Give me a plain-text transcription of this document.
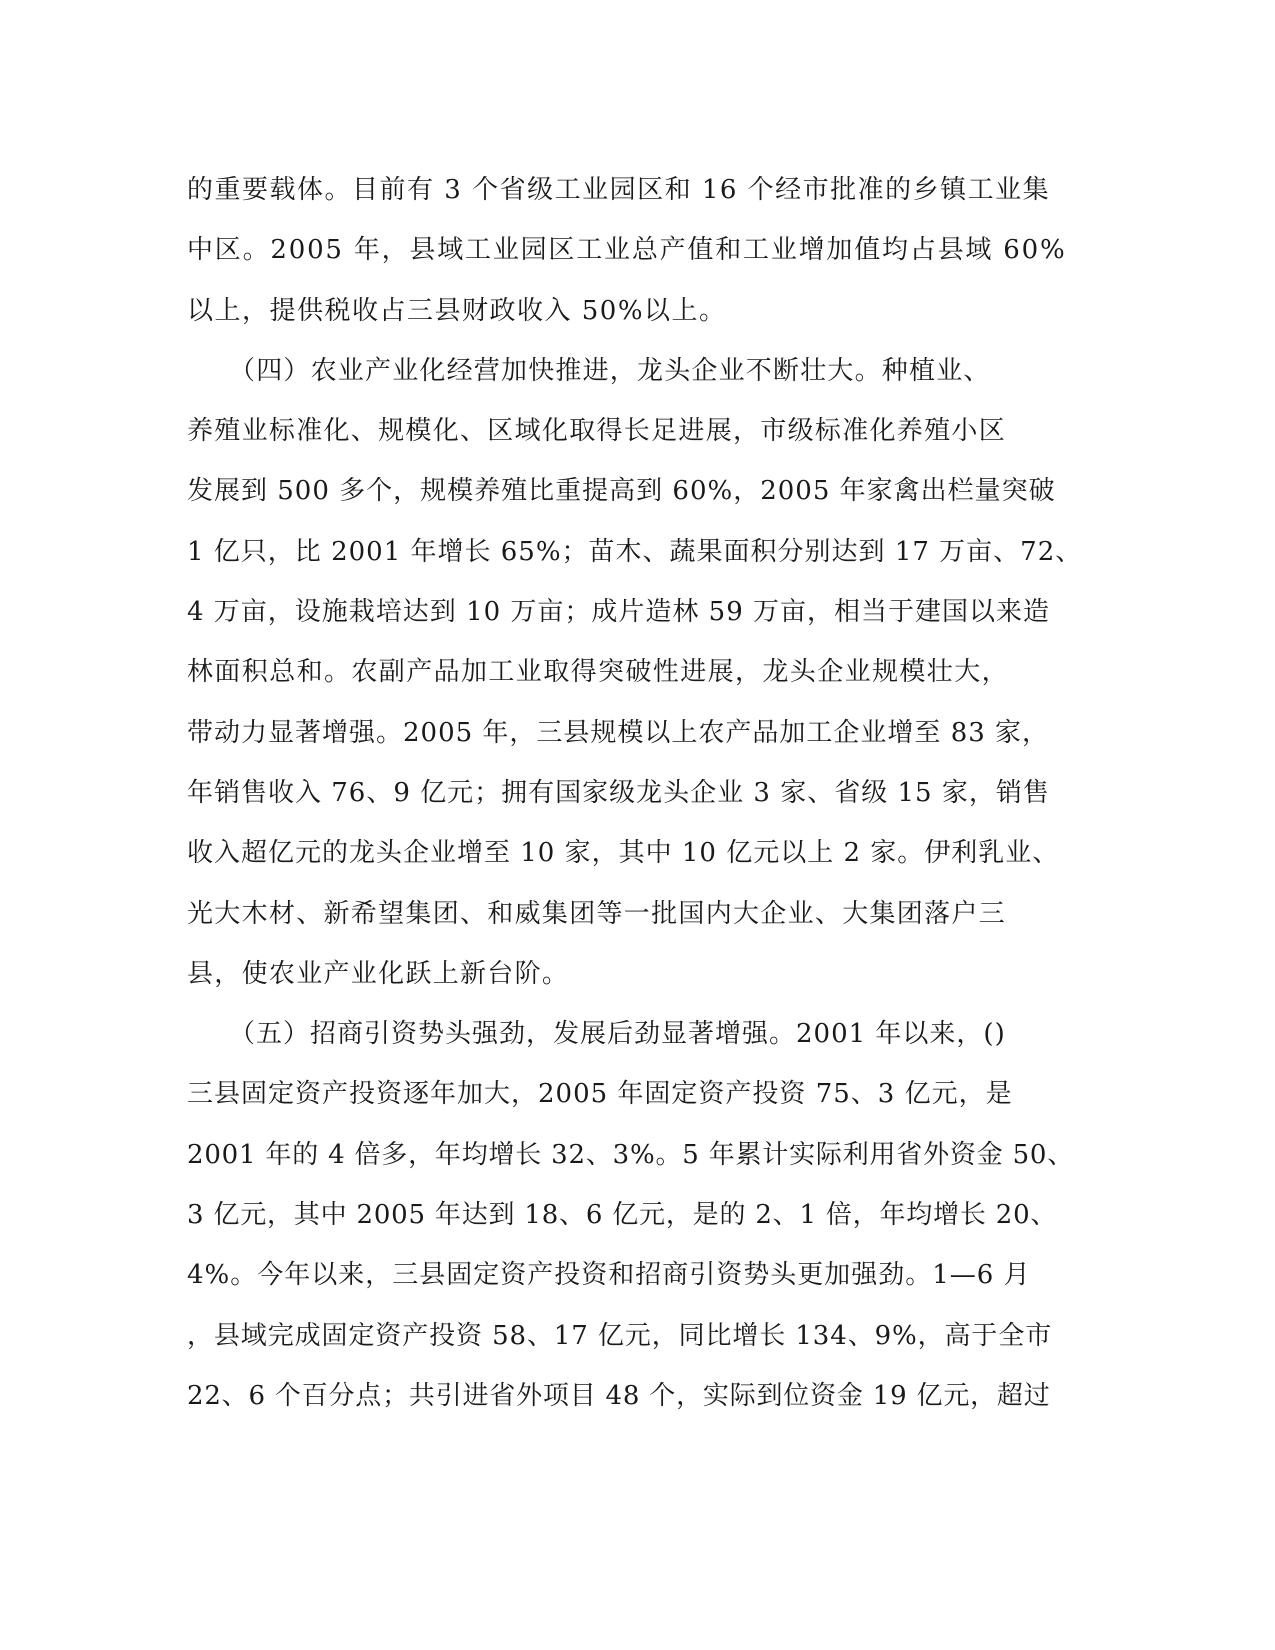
的重要载体。目前有 3 个省级工业园区和 16 个经市批准的乡镇工业集
中区。2005 年，县域工业园区工业总产值和工业增加值均占县域 60%
以上，提供税收占三县财政收入 50%以上。
（四）农业产业化经营加快推进，龙头企业不断壮大。种植业、
养殖业标准化、规模化、区域化取得长足进展，市级标准化养殖小区
发展到 500 多个，规模养殖比重提高到 60%，2005 年家禽出栏量突破
1 亿只，比 2001 年增长 65%；苗木、蔬果面积分别达到 17 万亩、72、
4 万亩，设施栽培达到 10 万亩；成片造林 59 万亩，相当于建国以来造
林面积总和。农副产品加工业取得突破性进展，龙头企业规模壮大，
带动力显著增强。2005 年，三县规模以上农产品加工企业增至 83 家，
年销售收入 76、9 亿元；拥有国家级龙头企业 3 家、省级 15 家，销售
收入超亿元的龙头企业增至 10 家，其中 10 亿元以上 2 家。伊利乳业、
光大木材、新希望集团、和威集团等一批国内大企业、大集团落户三
县，使农业产业化跃上新台阶。
（五）招商引资势头强劲，发展后劲显著增强。2001 年以来，()
三县固定资产投资逐年加大，2005 年固定资产投资 75、3 亿元，是
2001 年的 4 倍多，年均增长 32、3%。5 年累计实际利用省外资金 50、
3 亿元，其中 2005 年达到 18、6 亿元，是的 2、1 倍，年均增长 20、
4%。今年以来，三县固定资产投资和招商引资势头更加强劲。1—6 月
，县域完成固定资产投资 58、17 亿元，同比增长 134、9%，高于全市
22、6 个百分点；共引进省外项目 48 个，实际到位资金 19 亿元，超过
